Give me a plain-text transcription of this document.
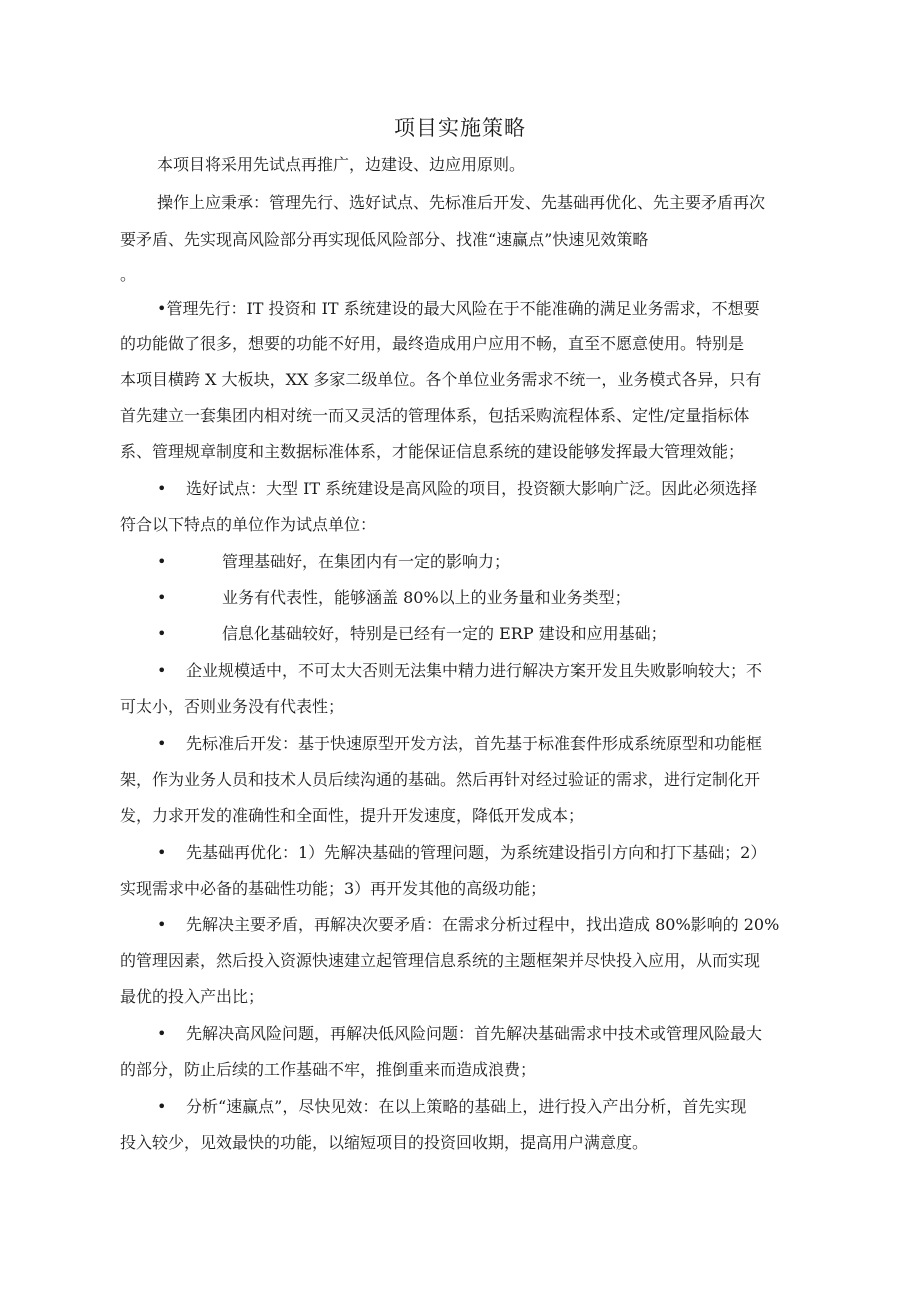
项目实施策略
本项目将采用先试点再推广，边建设、边应用原则。
操作上应秉承：管理先行、选好试点、先标准后开发、先基础再优化、先主要矛盾再次
要矛盾、先实现高风险部分再实现低风险部分、找准“速赢点”快速见效策略
。
•管理先行：IT 投资和 IT 系统建设的最大风险在于不能准确的满足业务需求，不想要
的功能做了很多，想要的功能不好用，最终造成用户应用不畅，直至不愿意使用。特别是
本项目横跨 X 大板块，XX 多家二级单位。各个单位业务需求不统一，业务模式各异，只有
首先建立一套集团内相对统一而又灵活的管理体系，包括采购流程体系、定性/定量指标体
系、管理规章制度和主数据标准体系，才能保证信息系统的建设能够发挥最大管理效能；
• 选好试点：大型 IT 系统建设是高风险的项目，投资额大影响广泛。因此必须选择
符合以下特点的单位作为试点单位：
•	管理基础好，在集团内有一定的影响力；
•	业务有代表性，能够涵盖 80%以上的业务量和业务类型；
•	信息化基础较好，特别是已经有一定的 ERP 建设和应用基础；
• 企业规模适中，不可太大否则无法集中精力进行解决方案开发且失败影响较大；不
可太小，否则业务没有代表性；
• 先标准后开发：基于快速原型开发方法，首先基于标准套件形成系统原型和功能框
架，作为业务人员和技术人员后续沟通的基础。然后再针对经过验证的需求，进行定制化开
发，力求开发的准确性和全面性，提升开发速度，降低开发成本；
• 先基础再优化：1）先解决基础的管理问题，为系统建设指引方向和打下基础；2）
实现需求中必备的基础性功能；3）再开发其他的高级功能；
• 先解决主要矛盾，再解决次要矛盾：在需求分析过程中，找出造成 80%影响的 20%
的管理因素，然后投入资源快速建立起管理信息系统的主题框架并尽快投入应用，从而实现
最优的投入产出比；
• 先解决高风险问题，再解决低风险问题：首先解决基础需求中技术或管理风险最大
的部分，防止后续的工作基础不牢，推倒重来而造成浪费；
• 分析“速赢点”，尽快见效：在以上策略的基础上，进行投入产出分析，首先实现
投入较少，见效最快的功能，以缩短项目的投资回收期，提高用户满意度。
